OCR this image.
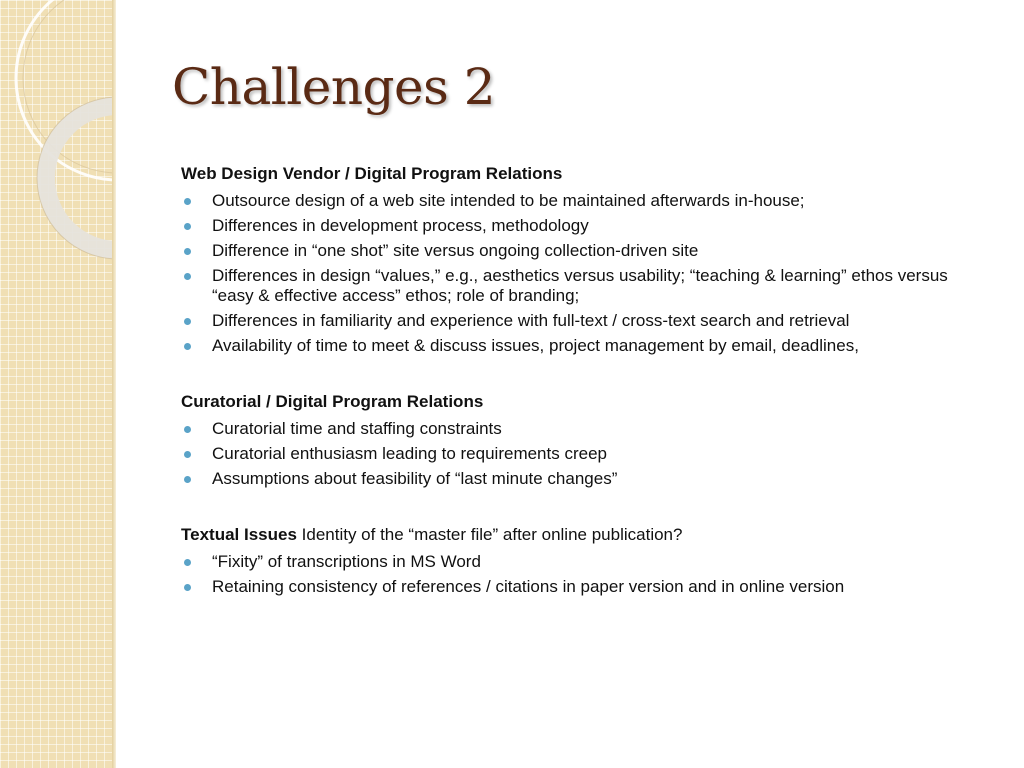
Challenges 2
Web Design Vendor / Digital Program Relations
Outsource design of a web site intended to be maintained afterwards in-house;
Differences in development process, methodology
Difference in “one shot” site versus ongoing collection-driven site
Differences in design “values,” e.g., aesthetics versus usability; “teaching & learning” ethos versus “easy & effective access” ethos; role of branding;
Differences in familiarity and experience with full-text / cross-text search and retrieval
Availability of time to meet & discuss issues, project management by email, deadlines,
Curatorial / Digital Program Relations
Curatorial time and staffing constraints
Curatorial enthusiasm leading to requirements creep
Assumptions about feasibility of “last minute changes”
Textual Issues Identity of the “master file” after online publication?
“Fixity” of transcriptions in MS Word
Retaining consistency of references / citations in paper version and in online version
